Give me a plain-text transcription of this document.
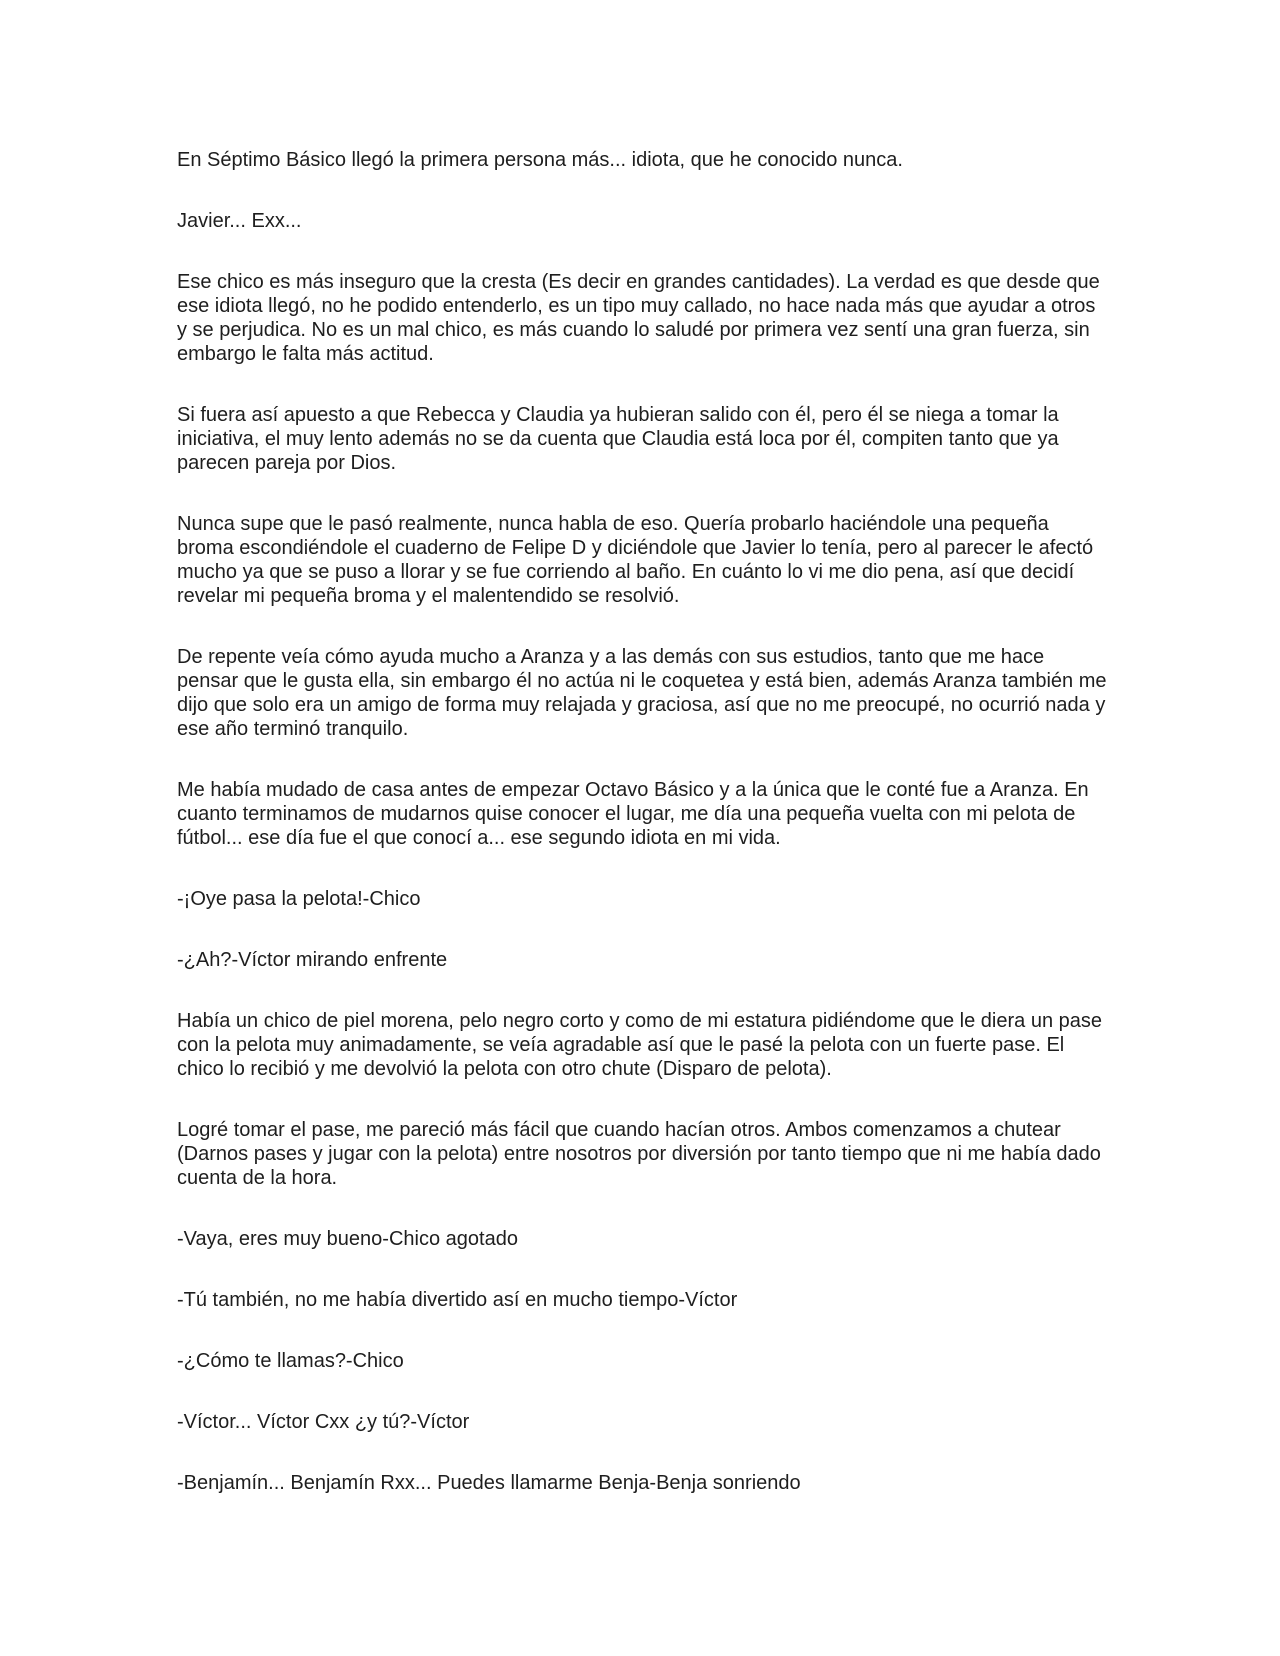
En Séptimo Básico llegó la primera persona más... idiota, que he conocido nunca.

Javier... Exx...

Ese chico es más inseguro que la cresta (Es decir en grandes cantidades). La verdad es que desde que ese idiota llegó, no he podido entenderlo, es un tipo muy callado, no hace nada más que ayudar a otros y se perjudica. No es un mal chico, es más cuando lo saludé por primera vez sentí una gran fuerza, sin embargo le falta más actitud.

Si fuera así apuesto a que Rebecca y Claudia ya hubieran salido con él, pero él se niega a tomar la iniciativa, el muy lento además no se da cuenta que Claudia está loca por él, compiten tanto que ya parecen pareja por Dios.

Nunca supe que le pasó realmente, nunca habla de eso. Quería probarlo haciéndole una pequeña broma escondiéndole el cuaderno de Felipe D y diciéndole que Javier lo tenía, pero al parecer le afectó mucho ya que se puso a llorar y se fue corriendo al baño. En cuánto lo vi me dio pena, así que decidí revelar mi pequeña broma y el malentendido se resolvió.

De repente veía cómo ayuda mucho a Aranza y a las demás con sus estudios, tanto que me hace pensar que le gusta ella, sin embargo él no actúa ni le coquetea y está bien, además Aranza también me dijo que solo era un amigo de forma muy relajada y graciosa, así que no me preocupé, no ocurrió nada y ese año terminó tranquilo.

Me había mudado de casa antes de empezar Octavo Básico y a la única que le conté fue a Aranza. En cuanto terminamos de mudarnos quise conocer el lugar, me día una pequeña vuelta con mi pelota de fútbol... ese día fue el que conocí a... ese segundo idiota en mi vida.

-¡Oye pasa la pelota!-Chico

-¿Ah?-Víctor mirando enfrente

Había un chico de piel morena, pelo negro corto y como de mi estatura pidiéndome que le diera un pase con la pelota muy animadamente, se veía agradable así que le pasé la pelota con un fuerte pase. El chico lo recibió y me devolvió la pelota con otro chute (Disparo de pelota).

Logré tomar el pase, me pareció más fácil que cuando hacían otros. Ambos comenzamos a chutear (Darnos pases y jugar con la pelota) entre nosotros por diversión por tanto tiempo que ni me había dado cuenta de la hora.

-Vaya, eres muy bueno-Chico agotado

-Tú también, no me había divertido así en mucho tiempo-Víctor

-¿Cómo te llamas?-Chico

-Víctor... Víctor Cxx ¿y tú?-Víctor

-Benjamín... Benjamín Rxx... Puedes llamarme Benja-Benja sonriendo
